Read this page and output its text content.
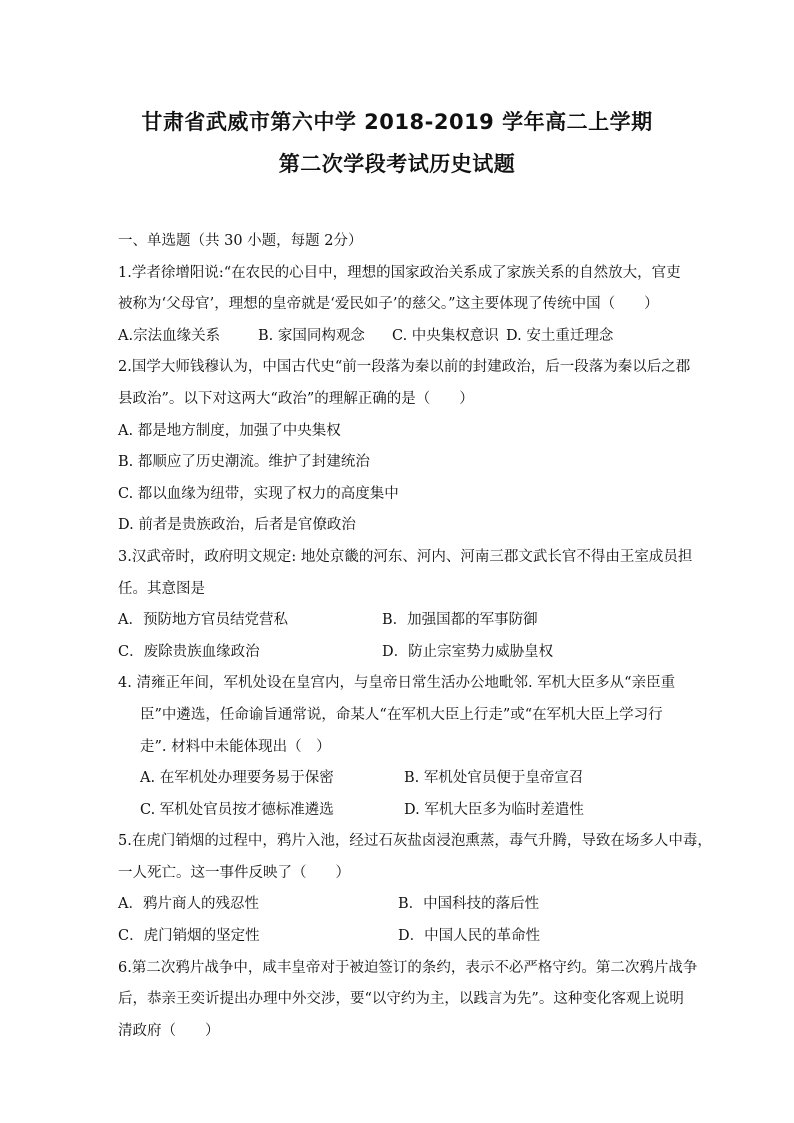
甘肃省武威市第六中学 2018-2019 学年高二上学期
第二次学段考试历史试题
一、单选题（共 30 小题，每题 2分）
1.学者徐增阳说:“在农民的心目中，理想的国家政治关系成了家族关系的自然放大，官吏
被称为‘父母官’，理想的皇帝就是‘爱民如子’的慈父。”这主要体现了传统中国（　　）
A.宗法血缘关系	B. 家国同构观念	C. 中央集权意识 D. 安土重迁理念
2.国学大师钱穆认为，中国古代史“前一段落为秦以前的封建政治，后一段落为秦以后之郡
县政治”。以下对这两大“政治”的理解正确的是（　　）
A. 都是地方制度，加强了中央集权
B. 都顺应了历史潮流。维护了封建统治
C. 都以血缘为纽带，实现了权力的高度集中
D. 前者是贵族政治，后者是官僚政治
3.汉武帝时，政府明文规定: 地处京畿的河东、河内、河南三郡文武长官不得由王室成员担
任。其意图是
A．预防地方官员结党营私	B．加强国都的军事防御
C．废除贵族血缘政治	D．防止宗室势力威胁皇权
4. 清雍正年间，军机处设在皇宫内，与皇帝日常生活办公地毗邻. 军机大臣多从“亲臣重
臣”中遴选，任命谕旨通常说，命某人“在军机大臣上行走”或“在军机大臣上学习行
走”. 材料中未能体现出（　）
A. 在军机处办理要务易于保密	B. 军机处官员便于皇帝宣召
C. 军机处官员按才德标准遴选	D. 军机大臣多为临时差遣性
5.在虎门销烟的过程中，鸦片入池，经过石灰盐卤浸泡熏蒸，毒气升腾，导致在场多人中毒，
一人死亡。这一事件反映了（　　）
A．鸦片商人的残忍性	B．中国科技的落后性
C．虎门销烟的坚定性	D．中国人民的革命性
6.第二次鸦片战争中，咸丰皇帝对于被迫签订的条约，表示不必严格守约。第二次鸦片战争
后，恭亲王奕䜣提出办理中外交涉，要“以守约为主，以践言为先”。这种变化客观上说明
清政府（　　）
